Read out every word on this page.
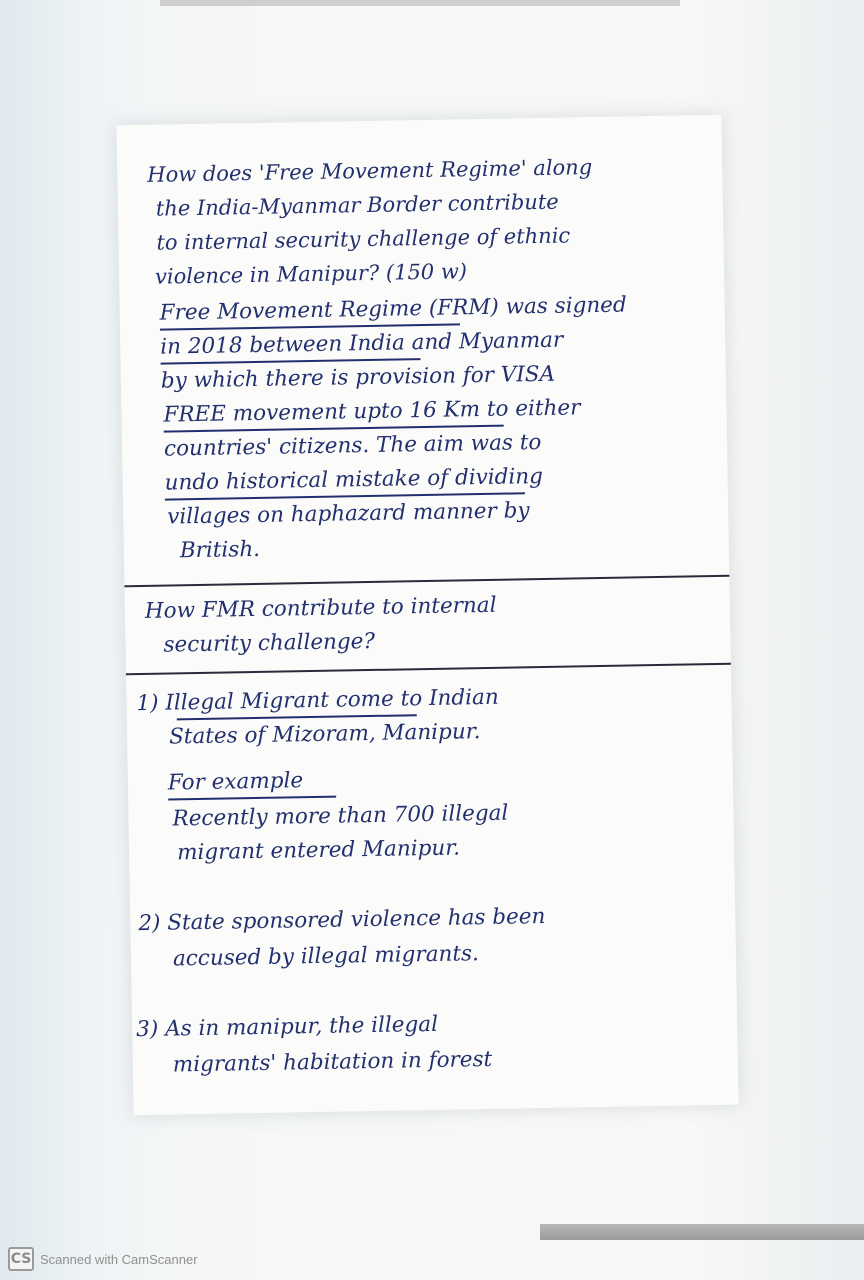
How does 'Free Movement Regime' along
the India-Myanmar Border contribute
to internal security challenge of ethnic
violence in Manipur? (150 w)
Free Movement Regime (FRM) was signed
in 2018 between India and Myanmar
by which there is provision for VISA
FREE movement upto 16 Km to either
countries' citizens. The aim was to
undo historical mistake of dividing
villages on haphazard manner by
British.
How FMR contribute to internal
security challenge?
1) Illegal Migrant come to Indian
States of Mizoram, Manipur.
For example
Recently more than 700 illegal
migrant entered Manipur.
2) State sponsored violence has been
accused by illegal migrants.
3) As in manipur, the illegal
migrants' habitation in forest
CS Scanned with CamScanner
